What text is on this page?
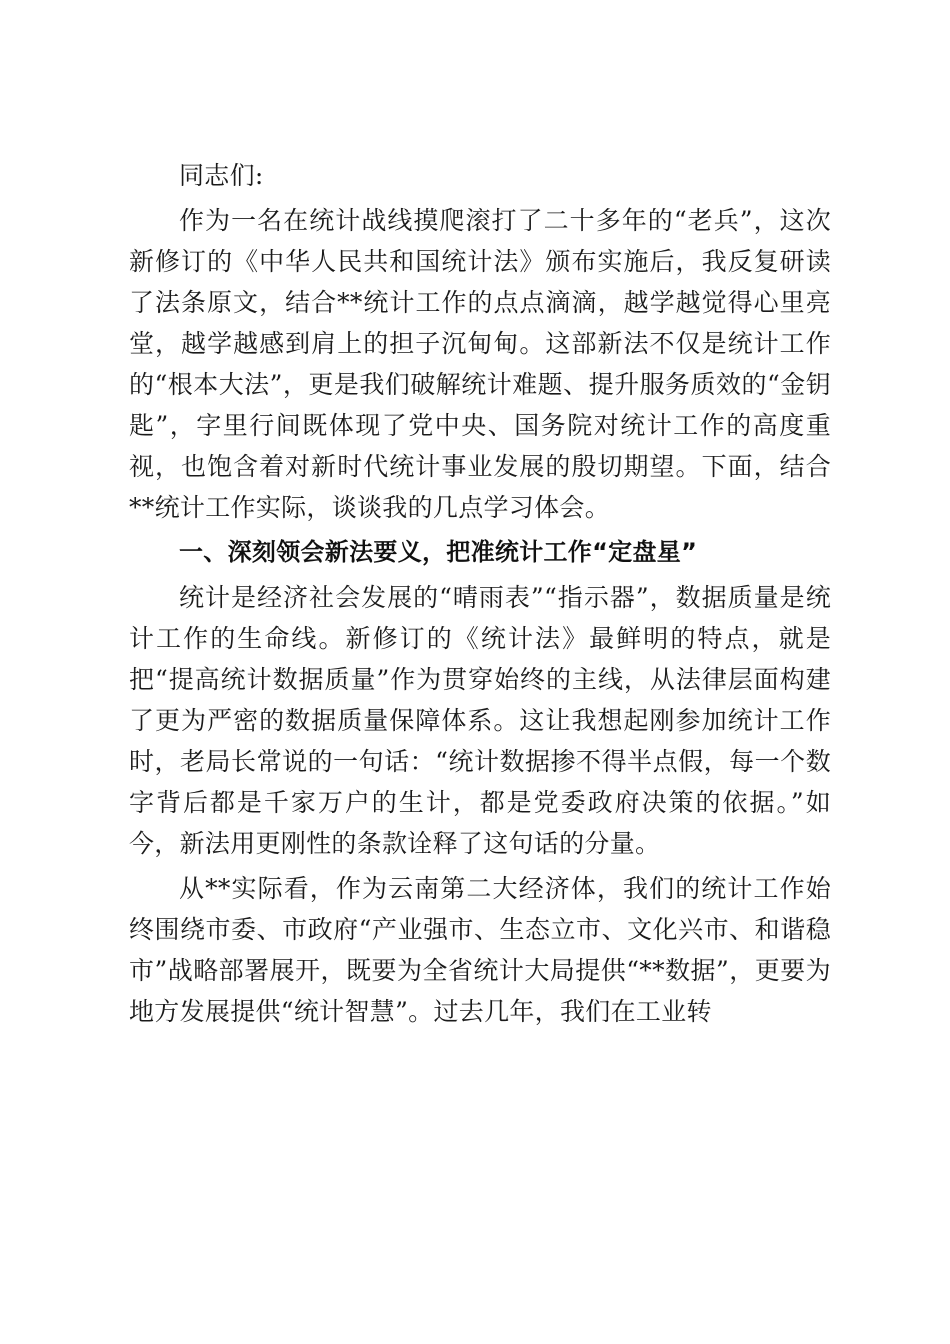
同志们:

作为一名在统计战线摸爬滚打了二十多年的“老兵”，这次新修订的《中华人民共和国统计法》颁布实施后，我反复研读了法条原文，结合**统计工作的点点滴滴，越学越觉得心里亮堂，越学越感到肩上的担子沉甸甸。这部新法不仅是统计工作的“根本大法”，更是我们破解统计难题、提升服务质效的“金钥匙”，字里行间既体现了党中央、国务院对统计工作的高度重视，也饱含着对新时代统计事业发展的殷切期望。下面，结合**统计工作实际，谈谈我的几点学习体会。

一、深刻领会新法要义，把准统计工作“定盘星”

统计是经济社会发展的“晴雨表”“指示器”，数据质量是统计工作的生命线。新修订的《统计法》最鲜明的特点，就是把“提高统计数据质量”作为贯穿始终的主线，从法律层面构建了更为严密的数据质量保障体系。这让我想起刚参加统计工作时，老局长常说的一句话：“统计数据掺不得半点假，每一个数字背后都是千家万户的生计，都是党委政府决策的依据。”如今，新法用更刚性的条款诠释了这句话的分量。

从**实际看，作为云南第二大经济体，我们的统计工作始终围绕市委、市政府“产业强市、生态立市、文化兴市、和谐稳市”战略部署展开，既要为全省统计大局提供“**数据”，更要为地方发展提供“统计智慧”。过去几年，我们在工业转
